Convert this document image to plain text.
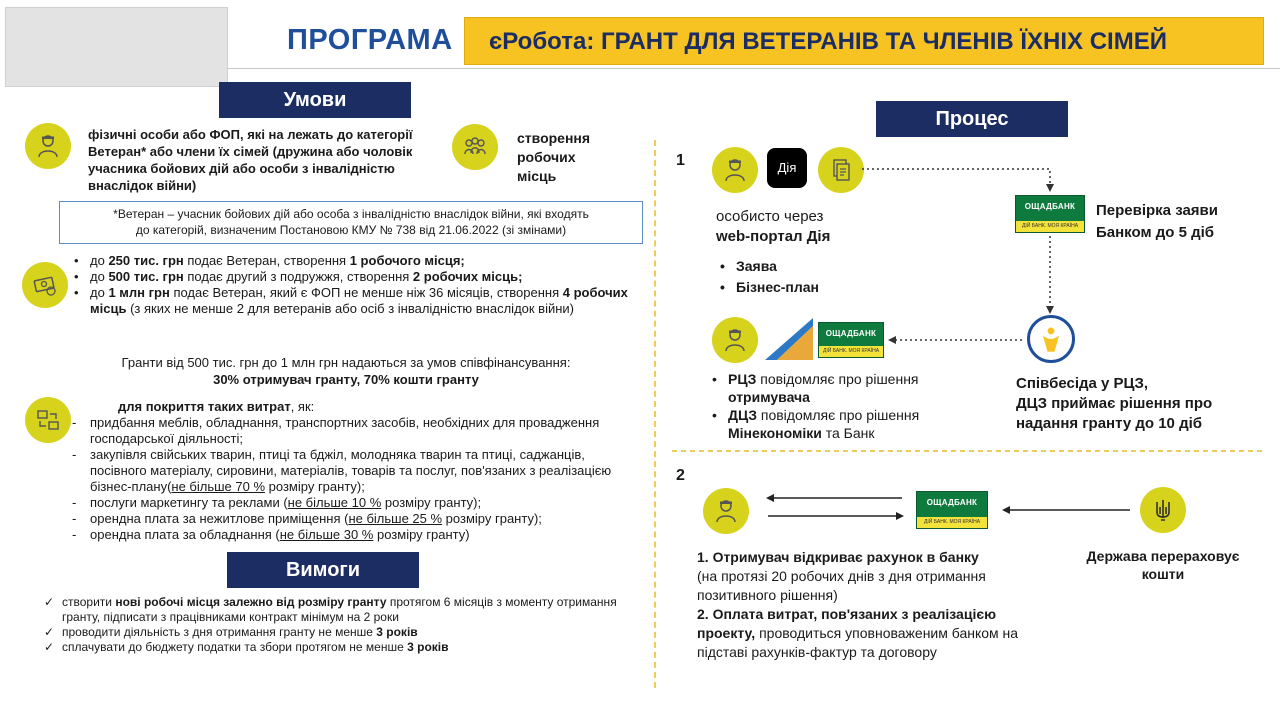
ПРОГРАМА	єРобота: ГРАНТ ДЛЯ ВЕТЕРАНІВ ТА ЧЛЕНІВ ЇХНІХ СІМЕЙ
Умови
фізичні особи або ФОП, які на лежать до категорії Ветеран* або члени їх сімей (дружина або чоловік учасника бойових дій або особи з інвалідністю внаслідок війни)
створення робочих місць
*Ветеран – учасник бойових дій або особа з інвалідністю внаслідок війни, які входять
до категорій, визначеним Постановою КМУ № 738 від 21.06.2022 (зі змінами)
• до 250 тис. грн подає Ветеран, створення 1 робочого місця;
• до 500 тис. грн подає другий з подружжя, створення 2 робочих місць;
• до 1 млн грн подає Ветеран, який є ФОП не менше ніж 36 місяців, створення 4 робочих місць (з яких не менше 2 для ветеранів або осіб з інвалідністю внаслідок війни)
Гранти від 500 тис. грн до 1 млн грн надаються за умов співфінансування:
30% отримувач гранту, 70% кошти гранту
для покриття таких витрат, як:
- придбання меблів, обладнання, транспортних засобів, необхідних для провадження господарської діяльності;
- закупівля свійських тварин, птиці та бджіл, молодняка тварин та птиці, саджанців, посівного матеріалу, сировини, матеріалів, товарів та послуг, пов'язаних з реалізацією бізнес-плану(не більше 70 % розміру гранту);
- послуги маркетингу та рекл​ами (не більше 10 % розміру гранту);
- орендна плата за нежитлове приміщення (не більше 25 % розміру гранту);
- орендна плата за обладнання (не більше 30 % розміру гранту)
Вимоги
✓ створити нові робочі місця залежно від розміру гранту протягом 6 місяців з моменту отримання гранту, підписати з працівниками контракт мінімум на 2 роки
✓ проводити діяльність з дня отримання гранту не менше 3 років
✓ сплачувати до бюджету податки та збори протягом не менше 3 років
Процес
1	Дія
особисто через
web-портал Дія
• Заява
• Бізнес-план
ОЩАДБАНК
ДІЙ БАНК. МОЯ КРАЇНА
Перевірка заяви
Банком до 5 діб
Співбесіда у РЦЗ,
ДЦЗ приймає рішення про
надання гранту до 10 діб
ОЩАДБАНК
ДІЙ БАНК. МОЯ КРАЇНА
• РЦЗ повідомляє про рішення отримувача
• ДЦЗ повідомляє про рішення Мінекономіки та Банк
2
ОЩАДБАНК
ДІЙ БАНК. МОЯ КРАЇНА
Держава перераховує кошти
1. Отримувач відкриває рахунок в банку
(на протязі 20 робочих днів з дня отримання позитивного рішення)
2. Оплата витрат, пов'язаних з реалізацією проекту, проводиться уповноваженим банком на підставі рахунків-фактур та договору
